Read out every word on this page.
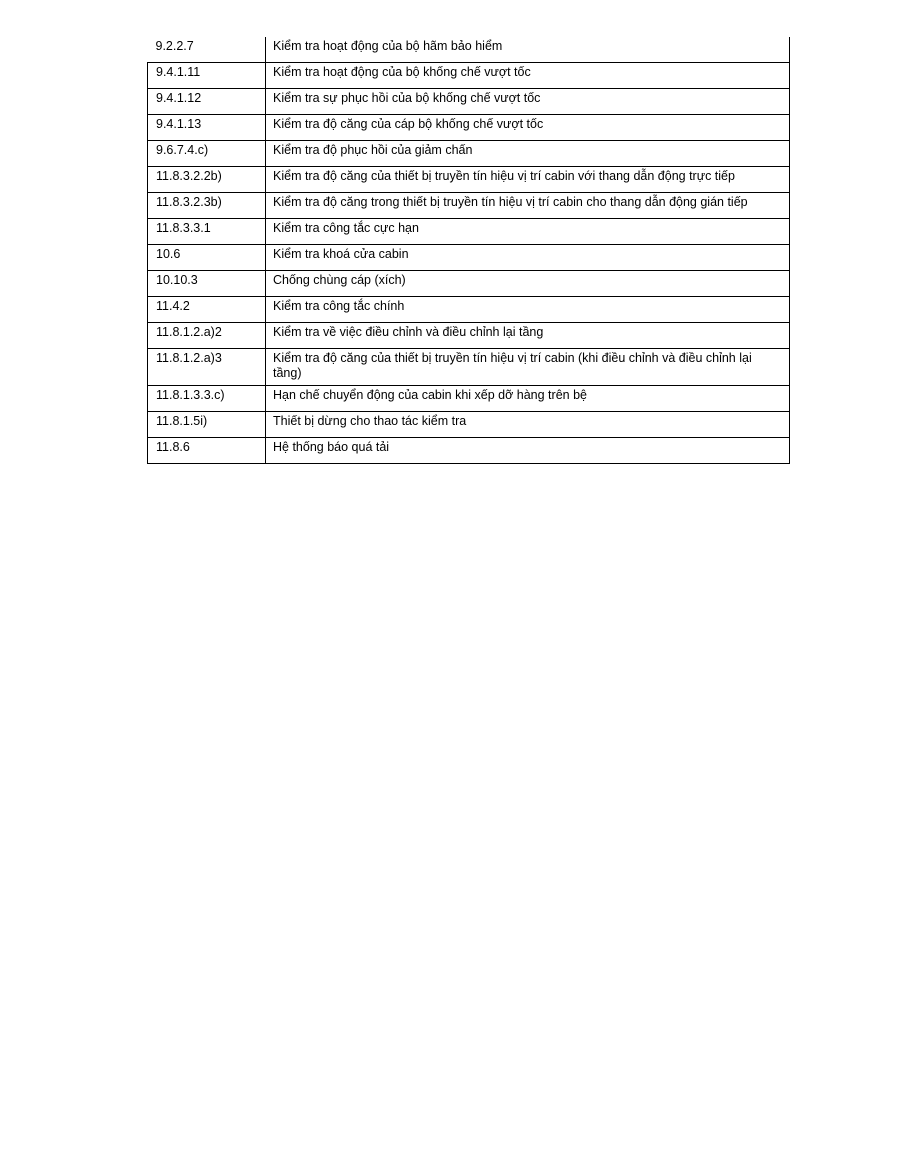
9.2.2.7	Kiểm tra hoạt động của bộ hãm bảo hiểm
9.4.1.11	Kiểm tra hoạt động của bộ khống chế vượt tốc
9.4.1.12	Kiểm tra sự phục hồi của bộ khống chế vượt tốc
9.4.1.13	Kiểm tra độ căng của cáp bộ khống chế vượt tốc
9.6.7.4.c)	Kiểm tra độ phục hồi của giảm chấn
11.8.3.2.2b)	Kiểm tra độ căng của thiết bị truyền tín hiệu vị trí cabin với thang dẫn động trực tiếp
11.8.3.2.3b)	Kiểm tra độ căng trong thiết bị truyền tín hiệu vị trí cabin cho thang dẫn động gián tiếp
11.8.3.3.1	Kiểm tra công tắc cực hạn
10.6	Kiểm tra khoá cửa cabin
10.10.3	Chống chùng cáp (xích)
11.4.2	Kiểm tra công tắc chính
11.8.1.2.a)2	Kiểm tra về việc điều chỉnh và điều chỉnh lại tầng
11.8.1.2.a)3	Kiểm tra độ căng của thiết bị truyền tín hiệu vị trí cabin (khi điều chỉnh và điều chỉnh lại tầng)
11.8.1.3.3.c)	Hạn chế chuyển động của cabin khi xếp dỡ hàng trên bệ
11.8.1.5i)	Thiết bị dừng cho thao tác kiểm tra
11.8.6	Hệ thống báo quá tải
